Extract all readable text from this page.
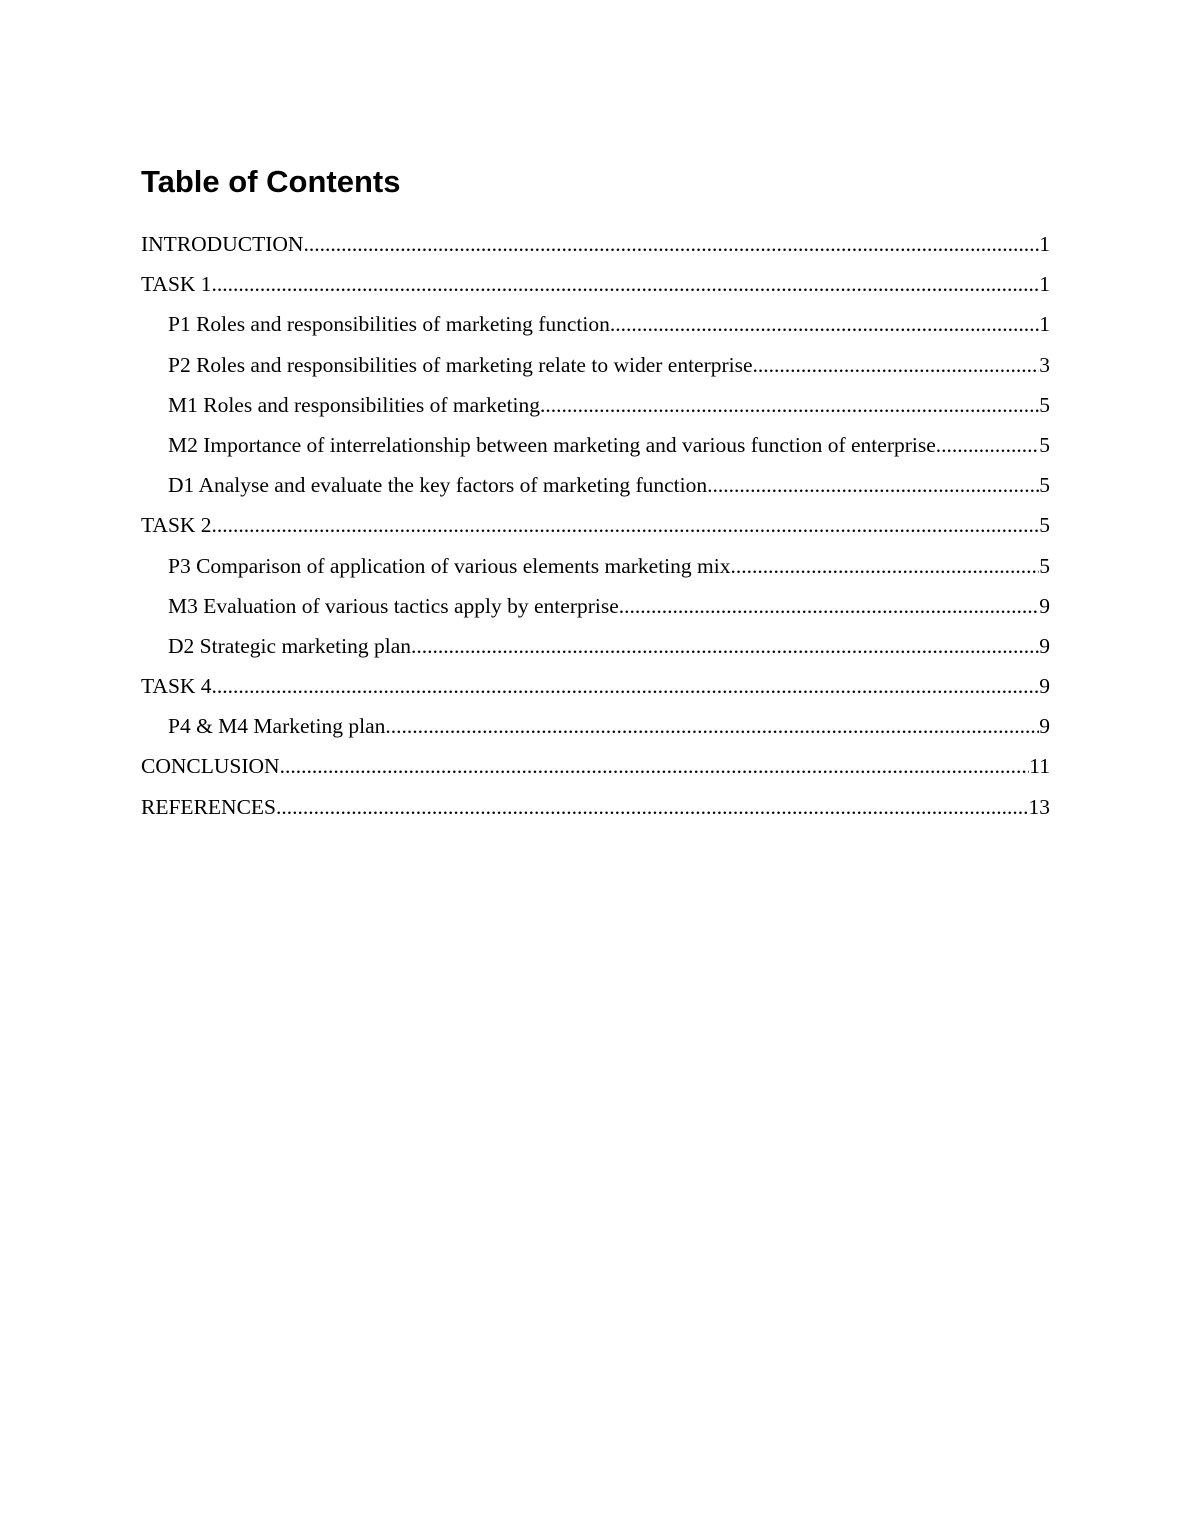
Table of Contents
INTRODUCTION .....	1
TASK 1 .....	1
P1 Roles and responsibilities of marketing function .....	1
P2 Roles and responsibilities of marketing relate to wider enterprise .....	3
M1 Roles and responsibilities of marketing .....	5
M2 Importance of interrelationship between marketing and various function of enterprise .....	5
D1 Analyse and evaluate the key factors of marketing function .....	5
TASK 2 .....	5
P3 Comparison of application of various elements marketing mix .....	5
M3 Evaluation of various tactics apply by enterprise .....	9
D2 Strategic marketing plan .....	9
TASK 4 .....	9
P4 & M4 Marketing plan .....	9
CONCLUSION .....	11
REFERENCES .....	13
